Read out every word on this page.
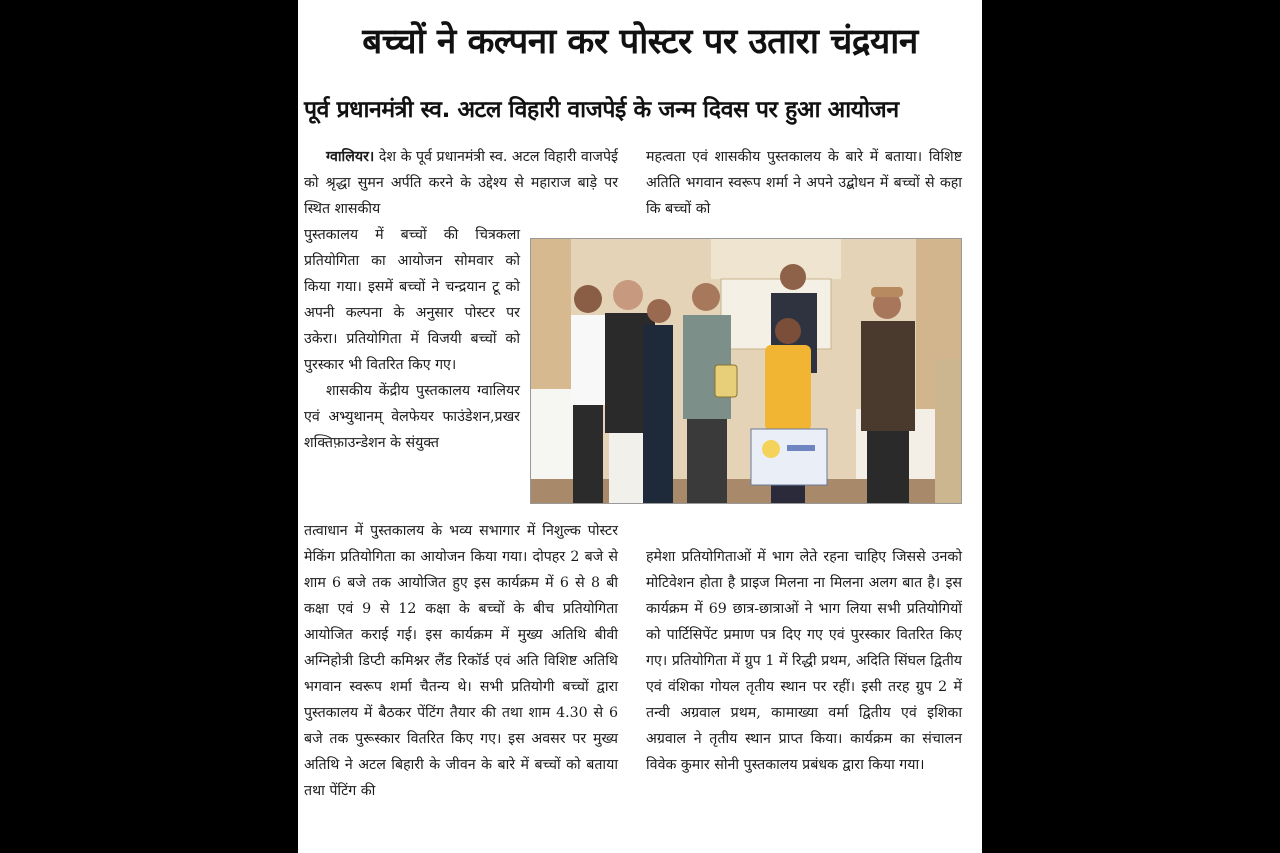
बच्चों ने कल्पना कर पोस्टर पर उतारा चंद्रयान
पूर्व प्रधानमंत्री स्व. अटल विहारी वाजपेई के जन्म दिवस पर हुआ आयोजन

ग्वालियर। देश के पूर्व प्रधानमंत्री स्व. अटल विहारी वाजपेई को श्रृद्धा सुमन अर्पति करने के उद्देश्य से महाराज बाड़े पर स्थित शासकीय

पुस्तकालय में बच्चों की चित्रकला प्रतियोगिता का आयोजन सोमवार को किया गया। इसमें बच्चों ने चन्द्रयान टू को अपनी कल्पना के अनुसार पोस्टर पर उकेरा। प्रतियोगिता में विजयी बच्चों को पुरस्कार भी वितरित किए गए।

शासकीय केंद्रीय पुस्तकालय ग्वालियर एवं अभ्युथानम् वेलफेयर फाउंडेशन,प्रखर शक्तिफ़ाउन्डेशन के संयुक्त

तत्वाधान में पुस्तकालय के भव्य सभागार में निशुल्क पोस्टर मेकिंग प्रतियोगिता का आयोजन किया गया। दोपहर 2 बजे से शाम 6 बजे तक आयोजित हुए इस कार्यक्रम में 6 से 8 बी कक्षा एवं 9 से 12 कक्षा के बच्चों के बीच प्रतियोगिता आयोजित कराई गई। इस कार्यक्रम में मुख्य अतिथि बीवी अग्निहोत्री डिप्टी कमिश्नर लैंड रिकॉर्ड एवं अति विशिष्ट अतिथि भगवान स्वरूप शर्मा चैतन्य थे। सभी प्रतियोगी बच्चों द्वारा पुस्तकालय में बैठकर पेंटिंग तैयार की तथा शाम 4.30 से 6 बजे तक पुरूस्कार वितरित किए गए। इस अवसर पर मुख्य अतिथि ने अटल बिहारी के जीवन के बारे में बच्चों को बताया तथा पेंटिंग की

महत्वता एवं शासकीय पुस्तकालय के बारे में बताया। विशिष्ट अतिति भगवान स्वरूप शर्मा ने अपने उद्बोधन में बच्चों से कहा कि बच्चों को

हमेशा प्रतियोगिताओं में भाग लेते रहना चाहिए जिससे उनको मोटिवेशन होता है प्राइज मिलना ना मिलना अलग बात है। इस कार्यक्रम में 69 छात्र-छात्राओं ने भाग लिया सभी प्रतियोगियों को पार्टिसिपेंट प्रमाण पत्र दिए गए एवं पुरस्कार वितरित किए गए। प्रतियोगिता में ग्रुप 1 में रिद्धी प्रथम, अदिति सिंघल द्वितीय एवं वंशिका गोयल तृतीय स्थान पर रहीं। इसी तरह ग्रुप 2 में तन्वी अग्रवाल प्रथम, कामाख्या वर्मा द्वितीय एवं इशिका अग्रवाल ने तृतीय स्थान प्राप्त किया। कार्यक्रम का संचालन विवेक कुमार सोनी पुस्तकालय प्रबंधक द्वारा किया गया।
